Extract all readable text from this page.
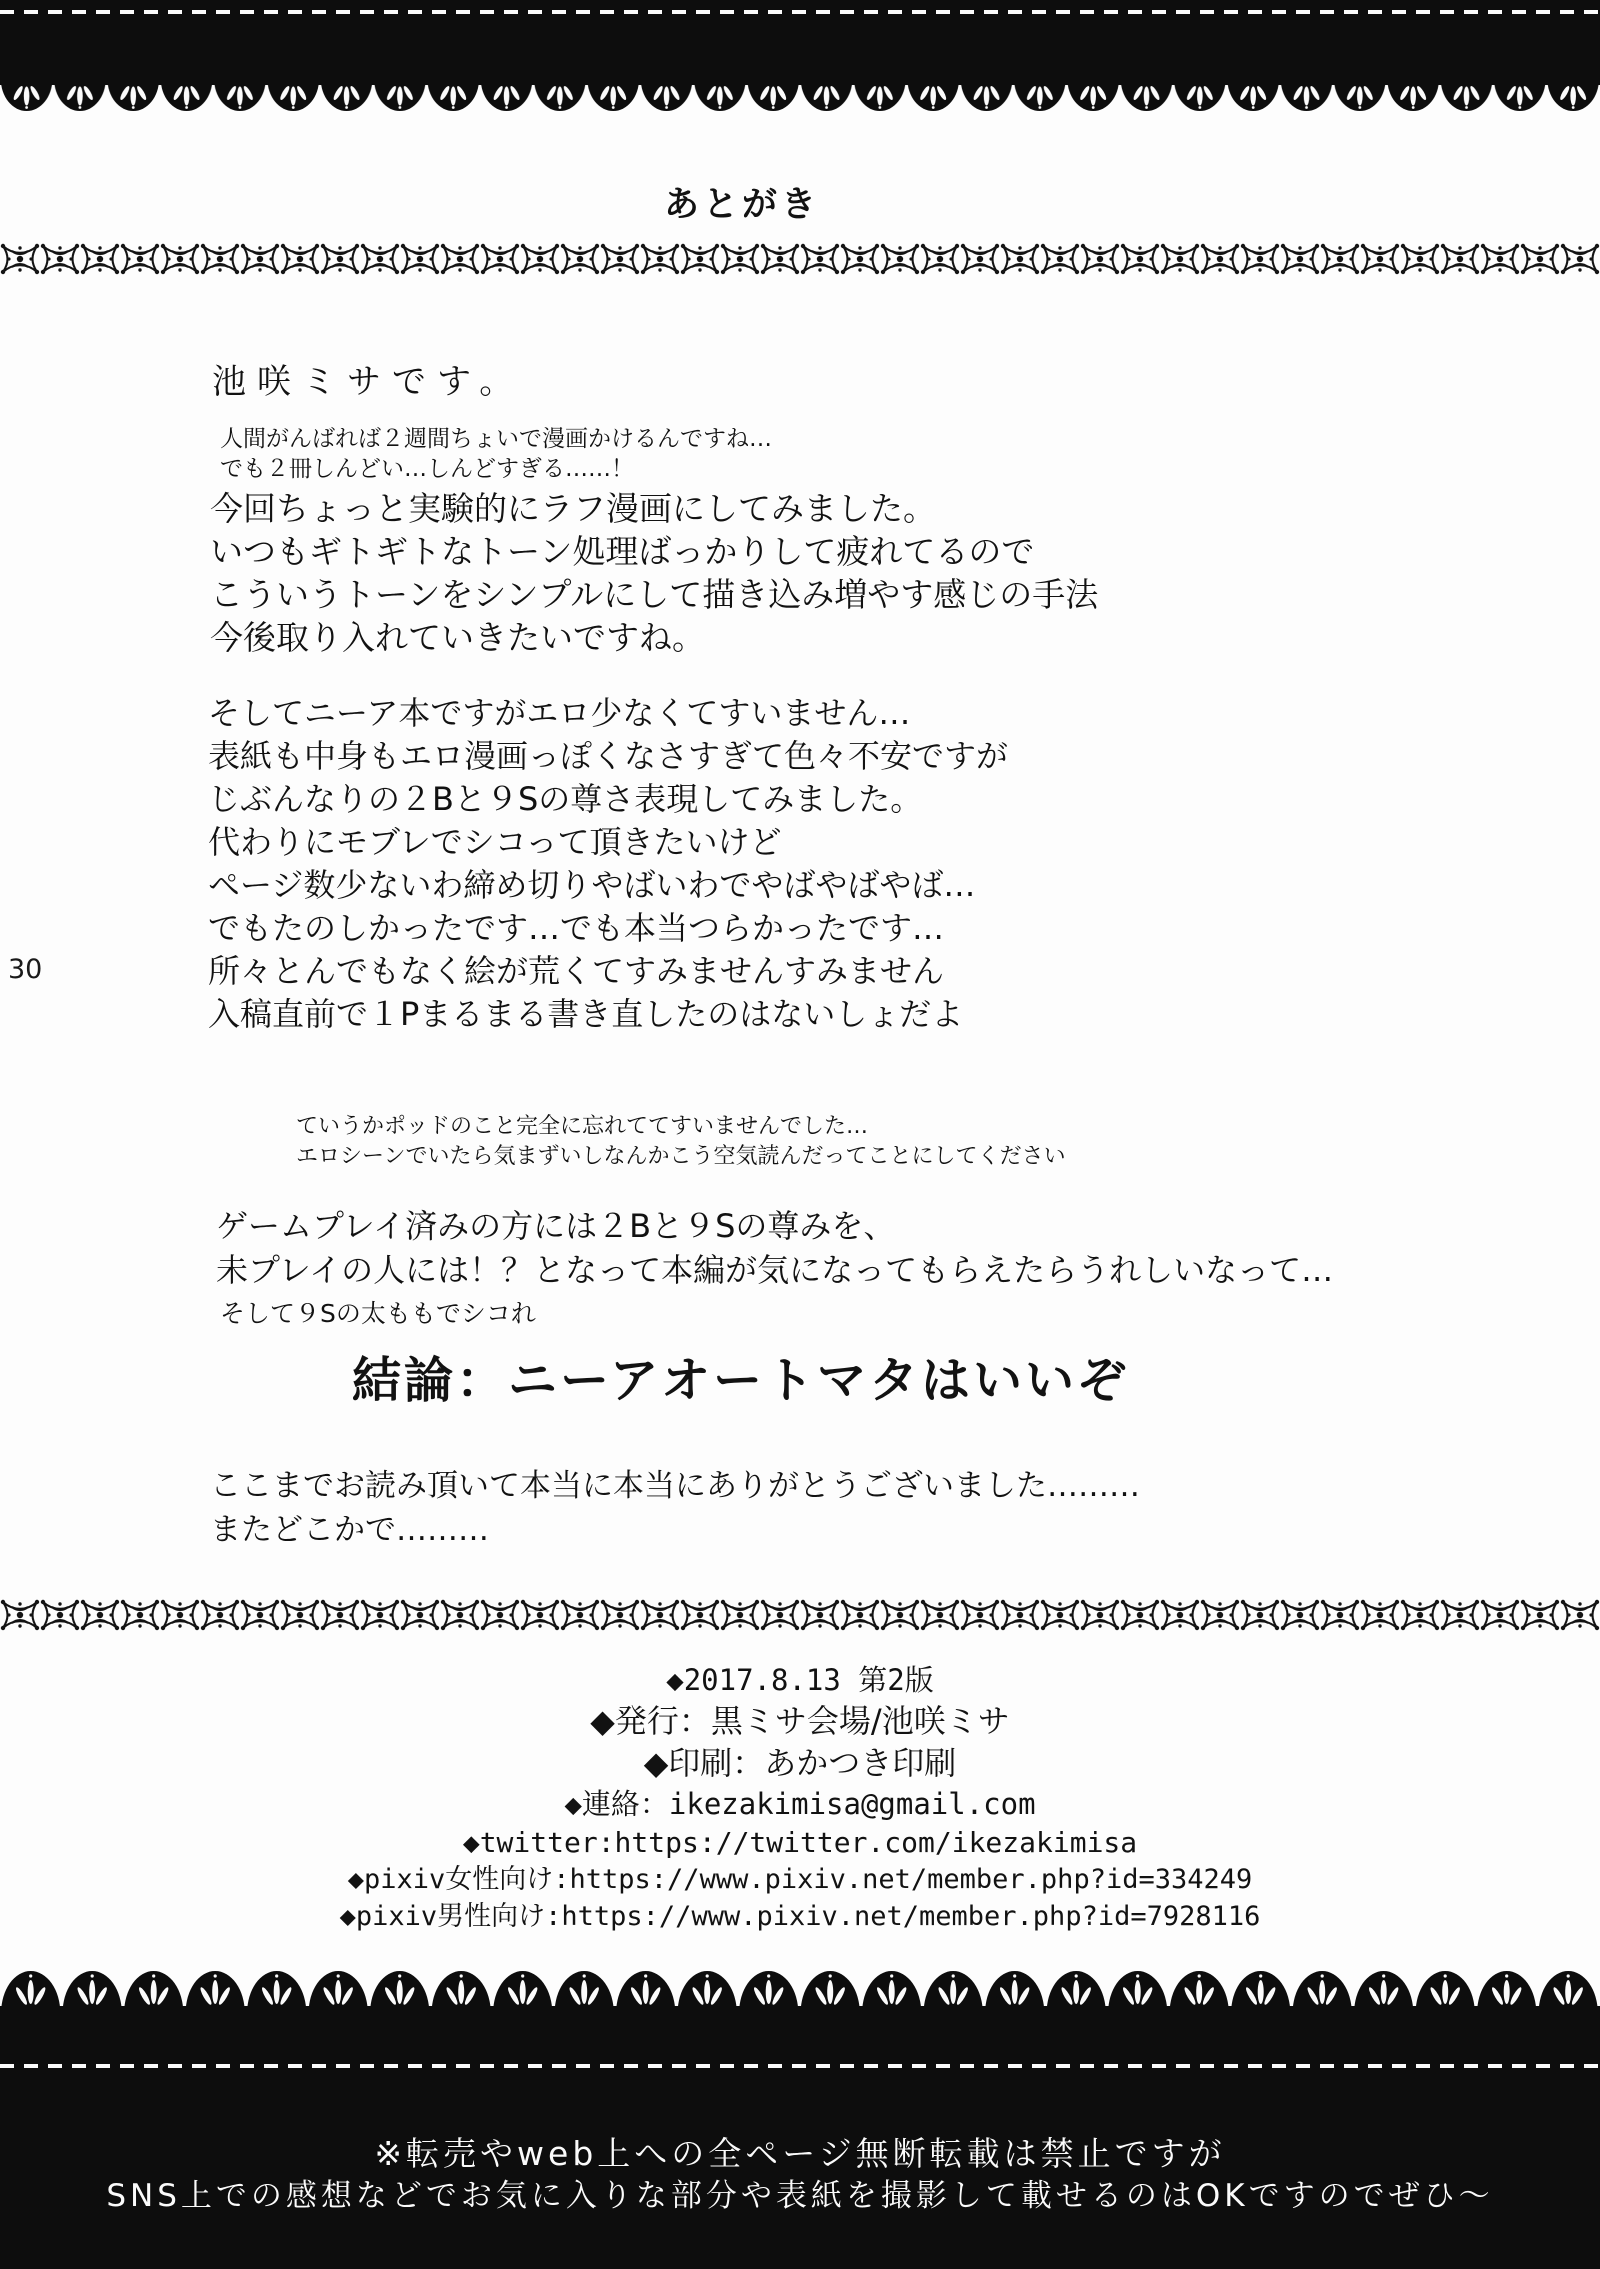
あとがき
池咲ミサです。
人間がんばれば２週間ちょいで漫画かけるんですね…
でも２冊しんどい…しんどすぎる……！
今回ちょっと実験的にラフ漫画にしてみました。
いつもギトギトなトーン処理ばっかりして疲れてるので
こういうトーンをシンプルにして描き込み増やす感じの手法
今後取り入れていきたいですね。
そしてニーア本ですがエロ少なくてすいません…
表紙も中身もエロ漫画っぽくなさすぎて色々不安ですが
じぶんなりの２Bと９Sの尊さ表現してみました。
代わりにモブレでシコって頂きたいけど
ページ数少ないわ締め切りやばいわでやばやばやば…
でもたのしかったです…でも本当つらかったです…
所々とんでもなく絵が荒くてすみませんすみません
入稿直前で１Pまるまる書き直したのはないしょだよ
30
ていうかポッドのこと完全に忘れててすいませんでした…
エロシーンでいたら気まずいしなんかこう空気読んだってことにしてください
ゲームプレイ済みの方には２Bと９Sの尊みを、
未プレイの人には！？となって本編が気になってもらえたらうれしいなって…
そして９Sの太ももでシコれ
結論：ニーアオートマタはいいぞ
ここまでお読み頂いて本当に本当にありがとうございました………
またどこかで………
◆2017.8.13 第2版
◆発行：黒ミサ会場/池咲ミサ
◆印刷：あかつき印刷
◆連絡：ikezakimisa@gmail.com
◆twitter:https://twitter.com/ikezakimisa
◆pixiv女性向け:https://www.pixiv.net/member.php?id=334249
◆pixiv男性向け:https://www.pixiv.net/member.php?id=7928116
※転売やweb上への全ページ無断転載は禁止ですが
SNS上での感想などでお気に入りな部分や表紙を撮影して載せるのはOKですのでぜひ〜
